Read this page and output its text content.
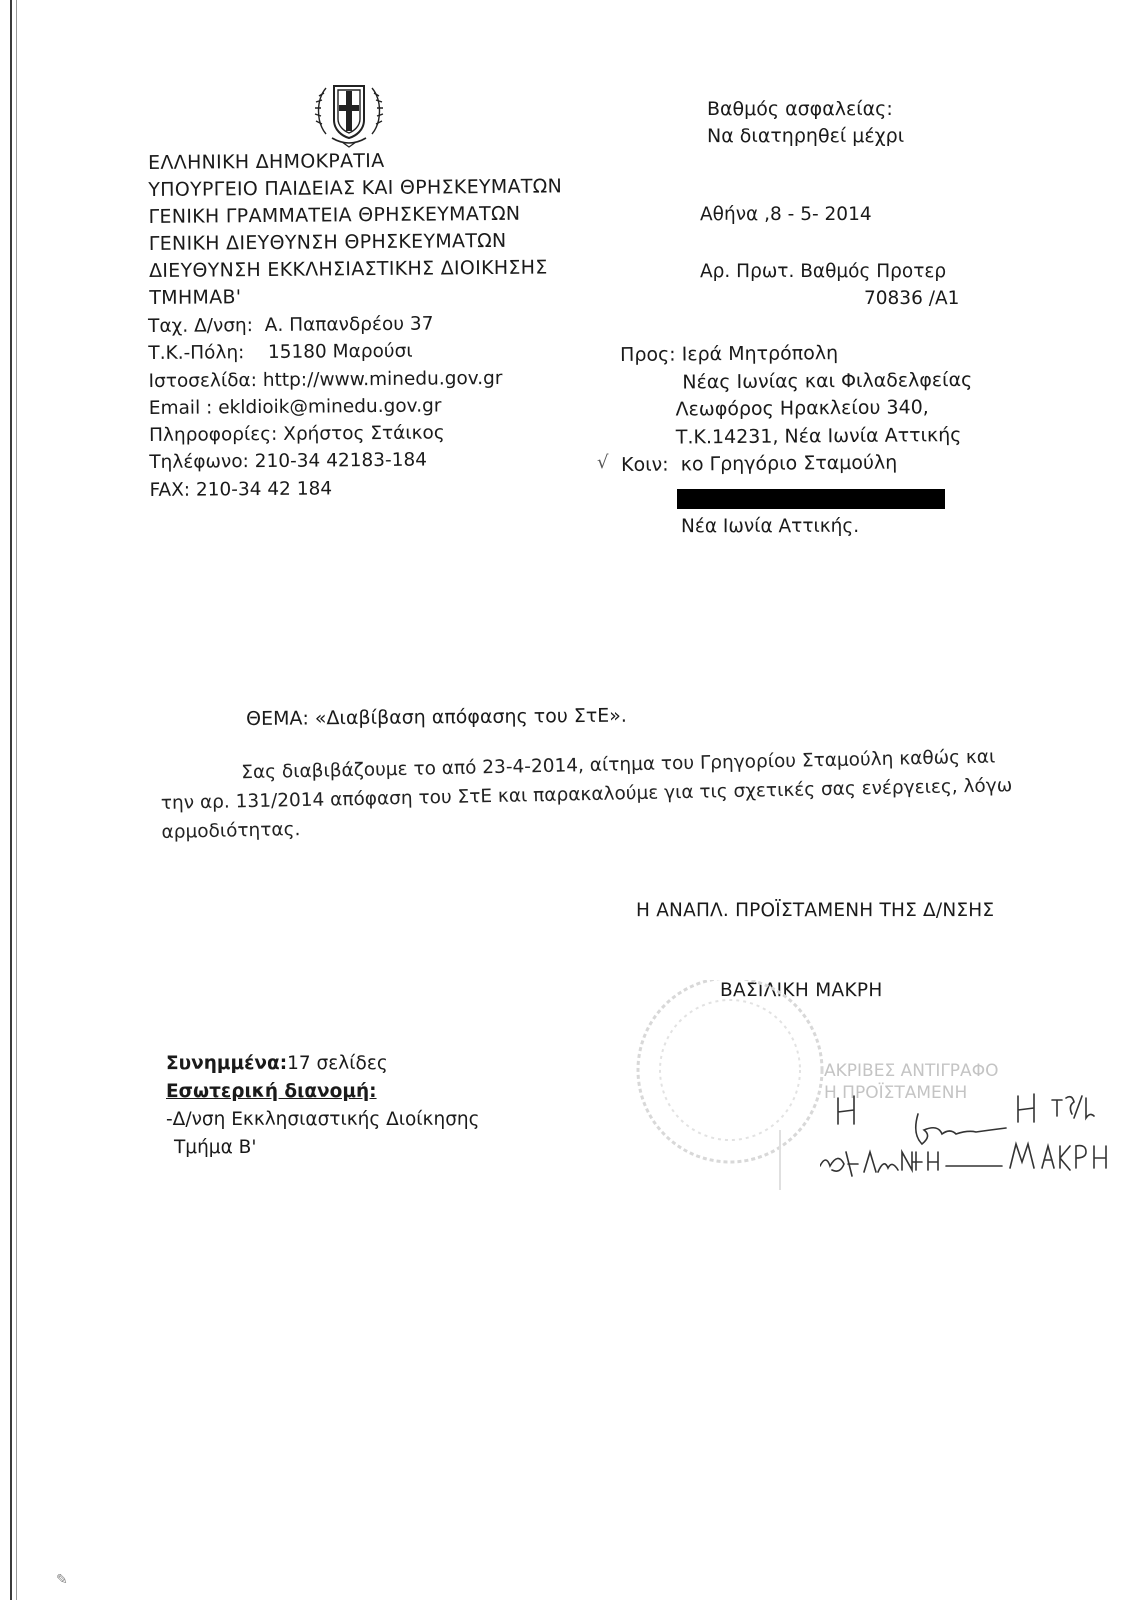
ΕΛΛΗΝΙΚΗ ΔΗΜΟΚΡΑΤΙΑ
ΥΠΟΥΡΓΕΙΟ ΠΑΙΔΕΙΑΣ ΚΑΙ ΘΡΗΣΚΕΥΜΑΤΩΝ
ΓΕΝΙΚΗ ΓΡΑΜΜΑΤΕΙΑ ΘΡΗΣΚΕΥΜΑΤΩΝ
ΓΕΝΙΚΗ ΔΙΕΥΘΥΝΣΗ ΘΡΗΣΚΕΥΜΑΤΩΝ
ΔΙΕΥΘΥΝΣΗ ΕΚΚΛΗΣΙΑΣΤΙΚΗΣ ΔΙΟΙΚΗΣΗΣ
ΤΜΗΜΑΒ'
Ταχ. Δ/νση: Α. Παπανδρέου 37
Τ.Κ.-Πόλη: 15180 Μαρούσι
Ιστοσελίδα: http://www.minedu.gov.gr
Email : ekldioik@minedu.gov.gr
Πληροφορίες: Χρήστος Στάικος
Τηλέφωνο: 210-34 42183-184
FAX: 210-34 42 184
Βαθμός ασφαλείας:
Να διατηρηθεί μέχρι
Αθήνα ,8 - 5- 2014
Αρ. Πρωτ. Βαθμός Προτερ
70836 /Α1
Προς: Ιερά Μητρόπολη
Νέας Ιωνίας και Φιλαδελφείας
Λεωφόρος Ηρακλείου 340,
Τ.Κ.14231, Νέα Ιωνία Αττικής
Κοιν: κο Γρηγόριο Σταμούλη
√
Νέα Ιωνία Αττικής.
ΘΕΜΑ: «Διαβίβαση απόφασης του ΣτΕ».
Σας διαβιβάζουμε το από 23-4-2014, αίτημα του Γρηγορίου Σταμούλη καθώς και
την αρ. 131/2014 απόφαση του ΣτΕ και παρακαλούμε για τις σχετικές σας ενέργειες, λόγω
αρμοδιότητας.
Η ΑΝΑΠΛ. ΠΡΟΪΣΤΑΜΕΝΗ ΤΗΣ Δ/ΝΣΗΣ
ΒΑΣΙΛΙΚΗ ΜΑΚΡΗ
ΑΚΡΙΒΕΣ ΑΝΤΙΓΡΑΦΟ
Η ΠΡΟΪΣΤΑΜΕΝΗ
Συνημμένα:17 σελίδες
Εσωτερική διανομή:
-Δ/νση Εκκλησιαστικής Διοίκησης
Τμήμα Β'
✎
